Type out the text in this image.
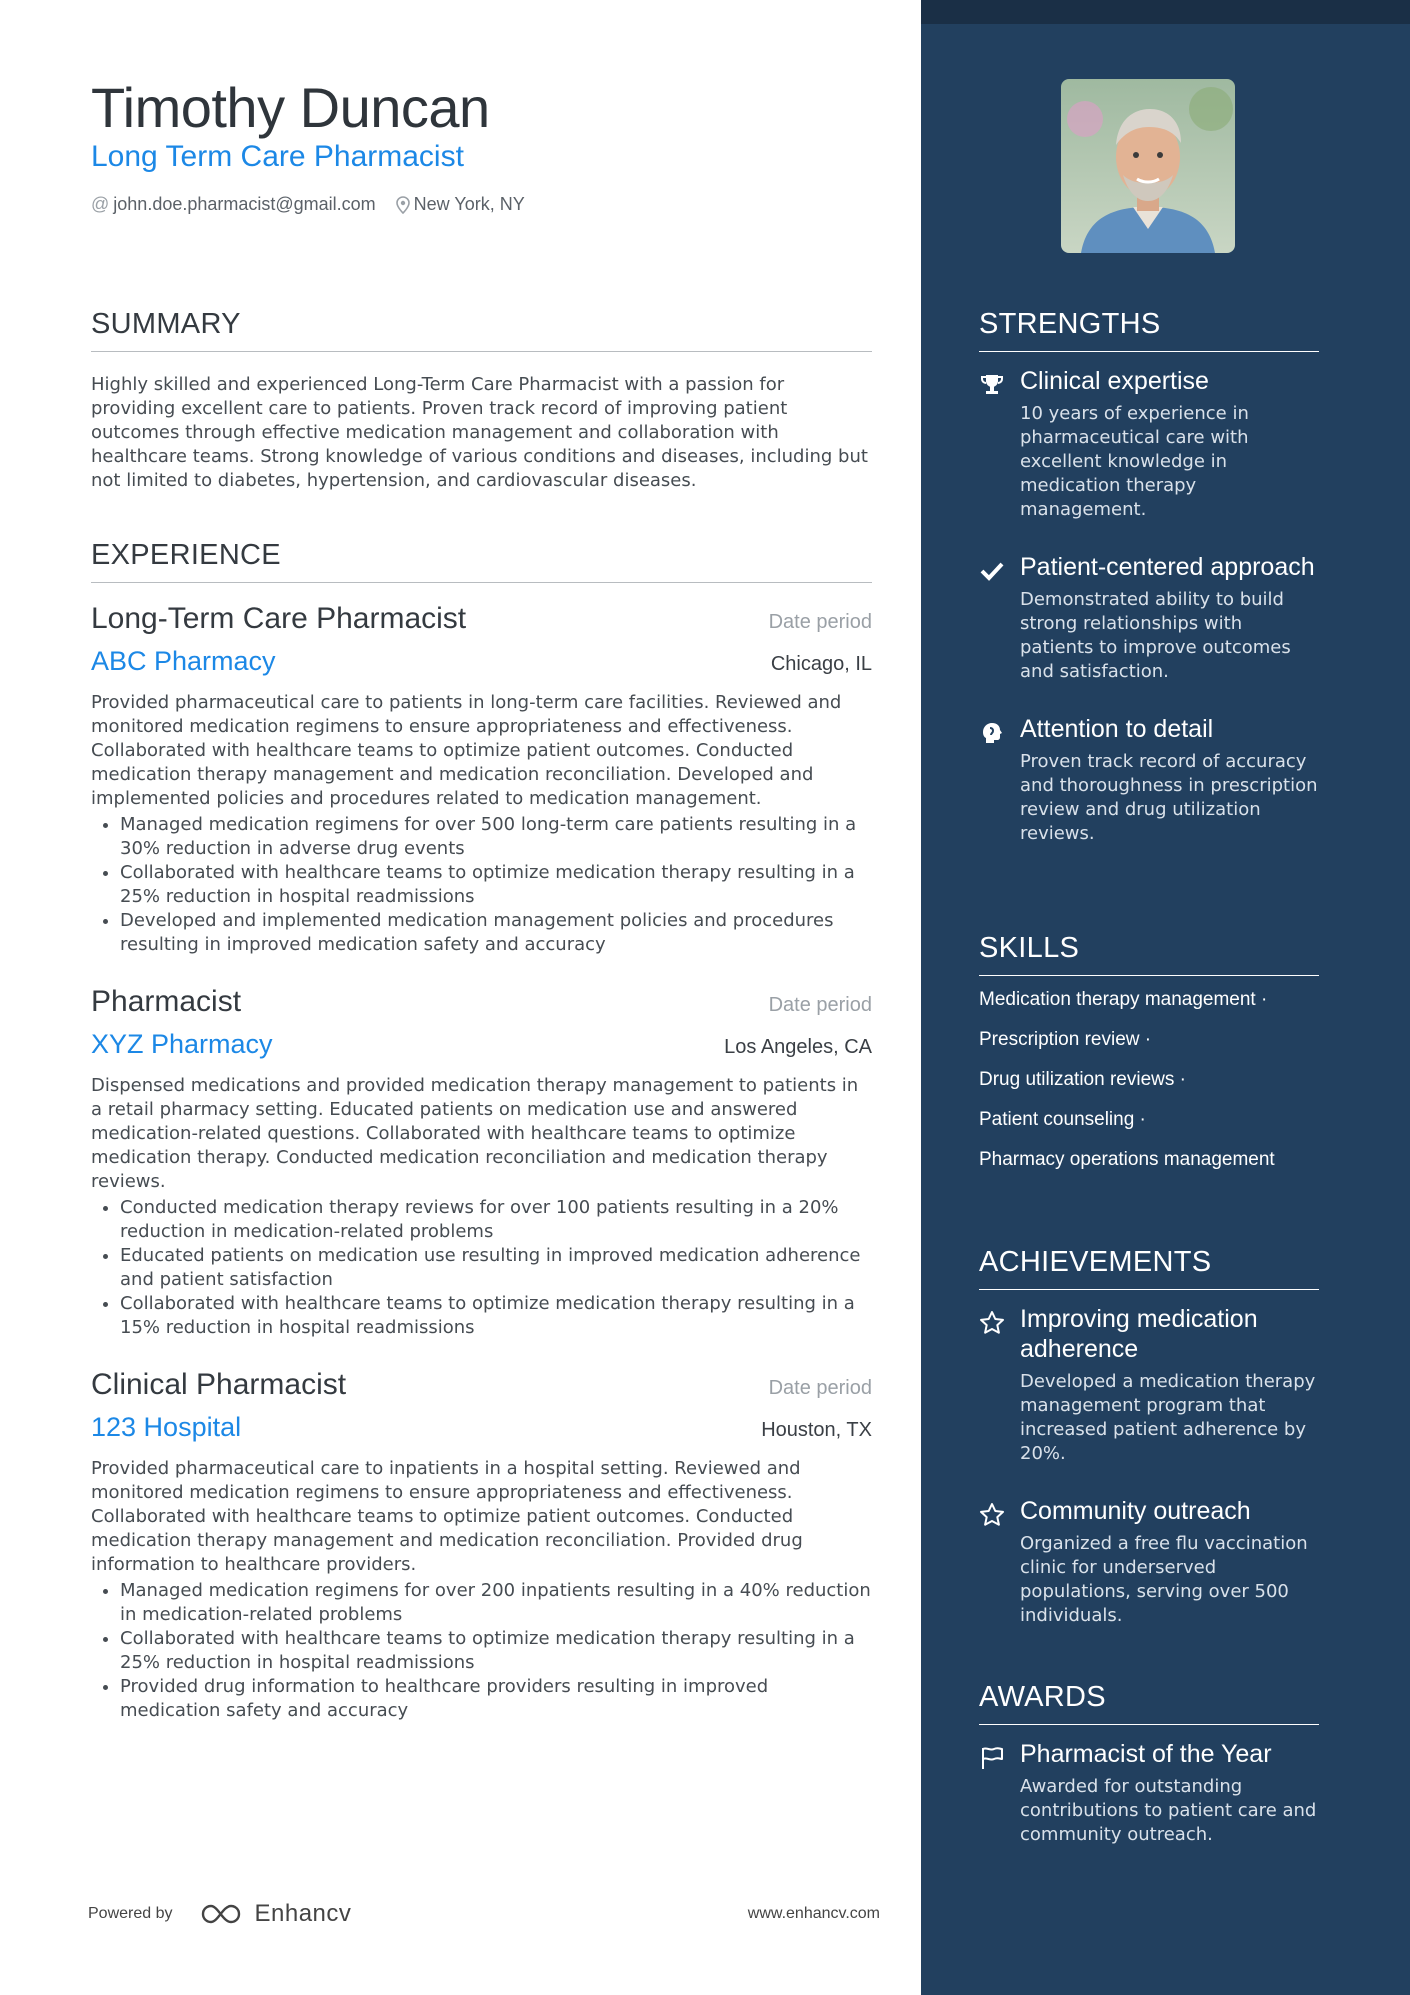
Timothy Duncan
Long Term Care Pharmacist
@ john.doe.pharmacist@gmail.com New York, NY
SUMMARY

Highly skilled and experienced Long-Term Care Pharmacist with a passion for providing excellent care to patients. Proven track record of improving patient outcomes through effective medication management and collaboration with healthcare teams. Strong knowledge of various conditions and diseases, including but not limited to diabetes, hypertension, and cardiovascular diseases.

EXPERIENCE
Long-Term Care Pharmacist	Date period
ABC Pharmacy	Chicago, IL

Provided pharmaceutical care to patients in long-term care facilities. Reviewed and monitored medication regimens to ensure appropriateness and effectiveness. Collaborated with healthcare teams to optimize patient outcomes. Conducted medication therapy management and medication reconciliation. Developed and implemented policies and procedures related to medication management.

• Managed medication regimens for over 500 long-term care patients resulting in a 30% reduction in adverse drug events
• Collaborated with healthcare teams to optimize medication therapy resulting in a 25% reduction in hospital readmissions
• Developed and implemented medication management policies and procedures resulting in improved medication safety and accuracy
Pharmacist	Date period
XYZ Pharmacy	Los Angeles, CA

Dispensed medications and provided medication therapy management to patients in a retail pharmacy setting. Educated patients on medication use and answered medication-related questions. Collaborated with healthcare teams to optimize medication therapy. Conducted medication reconciliation and medication therapy reviews.

• Conducted medication therapy reviews for over 100 patients resulting in a 20% reduction in medication-related problems
• Educated patients on medication use resulting in improved medication adherence and patient satisfaction
• Collaborated with healthcare teams to optimize medication therapy resulting in a 15% reduction in hospital readmissions
Clinical Pharmacist	Date period
123 Hospital	Houston, TX

Provided pharmaceutical care to inpatients in a hospital setting. Reviewed and monitored medication regimens to ensure appropriateness and effectiveness. Collaborated with healthcare teams to optimize patient outcomes. Conducted medication therapy management and medication reconciliation. Provided drug information to healthcare providers.

• Managed medication regimens for over 200 inpatients resulting in a 40% reduction in medication-related problems
• Collaborated with healthcare teams to optimize medication therapy resulting in a 25% reduction in hospital readmissions
• Provided drug information to healthcare providers resulting in improved medication safety and accuracy
Powered by	Enhancv	www.enhancv.com
STRENGTHS
Clinical expertise
10 years of experience in pharmaceutical care with excellent knowledge in medication therapy management.
Patient-centered approach
Demonstrated ability to build strong relationships with patients to improve outcomes and satisfaction.
Attention to detail
Proven track record of accuracy and thoroughness in prescription review and drug utilization reviews.
SKILLS
Medication therapy management ·
Prescription review ·
Drug utilization reviews ·
Patient counseling ·
Pharmacy operations management
ACHIEVEMENTS
Improving medication adherence
Developed a medication therapy management program that increased patient adherence by 20%.
Community outreach
Organized a free flu vaccination clinic for underserved populations, serving over 500 individuals.
AWARDS
Pharmacist of the Year
Awarded for outstanding contributions to patient care and community outreach.
